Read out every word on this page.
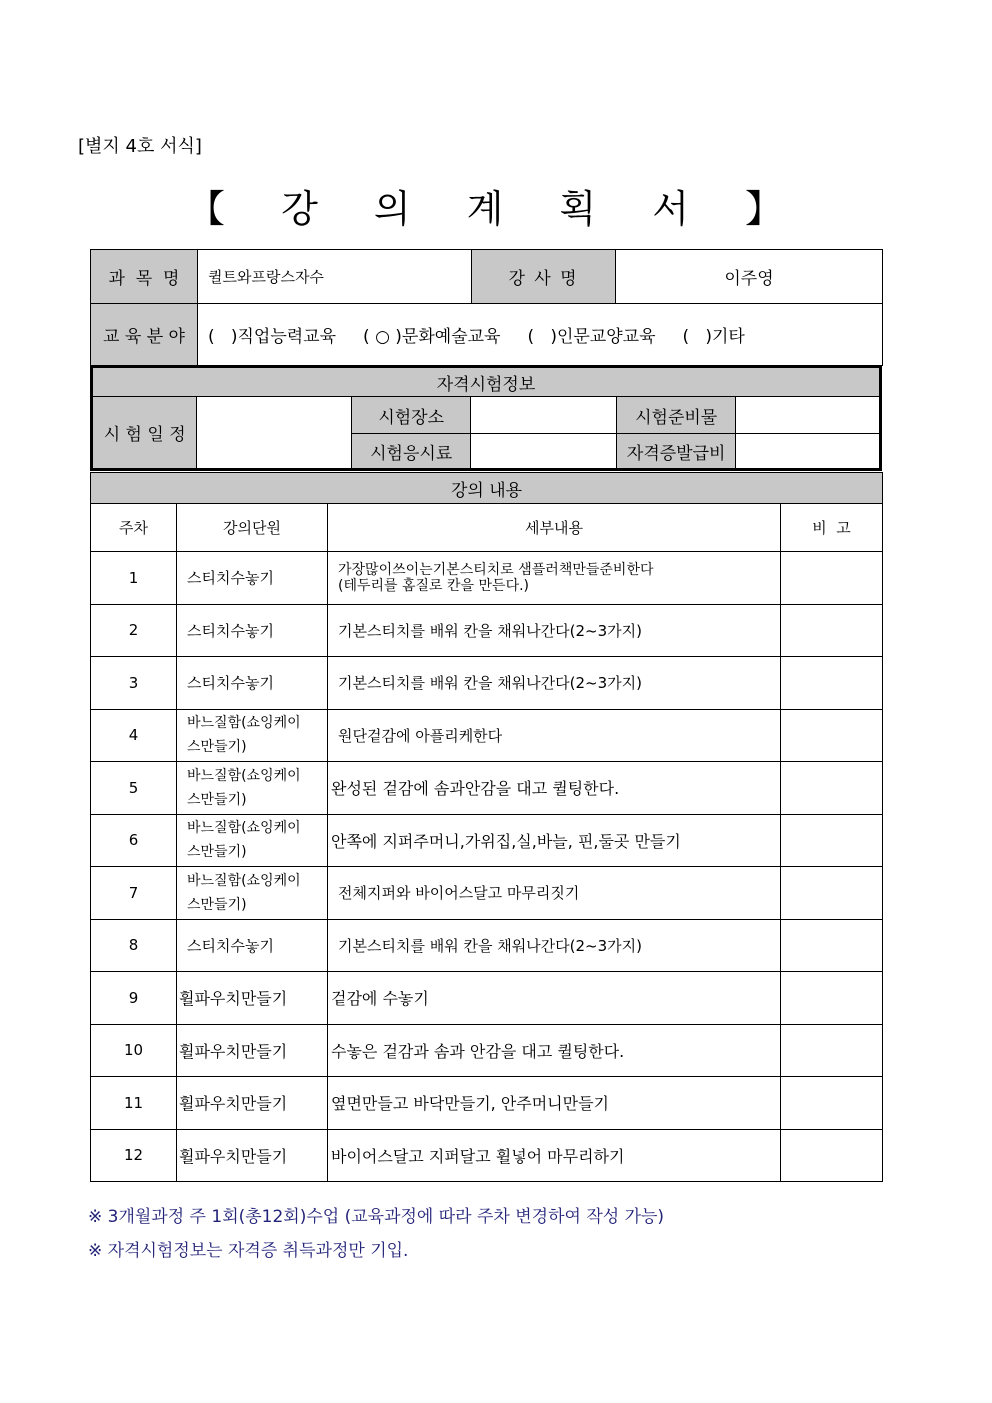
[별지 4호 서식]
【 강 의 계 획 서 】
과  목  명	퀼트와프랑스자수	강 사 명	이주영
교 육 분 야	(   )직업능력교육     ( ○ )문화예술교육     (   )인문교양교육     (   )기타		
자격시험정보					
시 험 일 정		시험장소		시험준비물	
		시험응시료		자격증발급비	
강의 내용			
주차	강의단원	세부내용	비  고
1	스티치수놓기	가장많이쓰이는기본스티치로 샘플러책만들준비한다
(테두리를 홈질로 칸을 만든다.)	
2	스티치수놓기	기본스티치를 배워 칸을 채워나간다(2~3가지)	
3	스티치수놓기	기본스티치를 배워 칸을 채워나간다(2~3가지)	
4	바느질함(쇼잉케이
스만들기)	원단겉감에 아플리케한다	
5	바느질함(쇼잉케이
스만들기)	완성된 겉감에 솜과안감을 대고 퀼팅한다.	
6	바느질함(쇼잉케이
스만들기)	안쪽에 지퍼주머니,가위집,실,바늘, 핀,둘곳 만들기	
7	바느질함(쇼잉케이
스만들기)	전체지퍼와 바이어스달고 마무리짓기	
8	스티치수놓기	기본스티치를 배워 칸을 채워나간다(2~3가지)	
9	휠파우치만들기	겉감에 수놓기	
10	휠파우치만들기	수놓은 겉감과 솜과 안감을 대고 퀼팅한다.	
11	휠파우치만들기	옆면만들고 바닥만들기, 안주머니만들기	
12	휠파우치만들기	바이어스달고 지퍼달고 휠넣어 마무리하기	
※ 3개월과정 주 1회(총12회)수업 (교육과정에 따라 주차 변경하여 작성 가능)
※ 자격시험정보는 자격증 취득과정만 기입.
